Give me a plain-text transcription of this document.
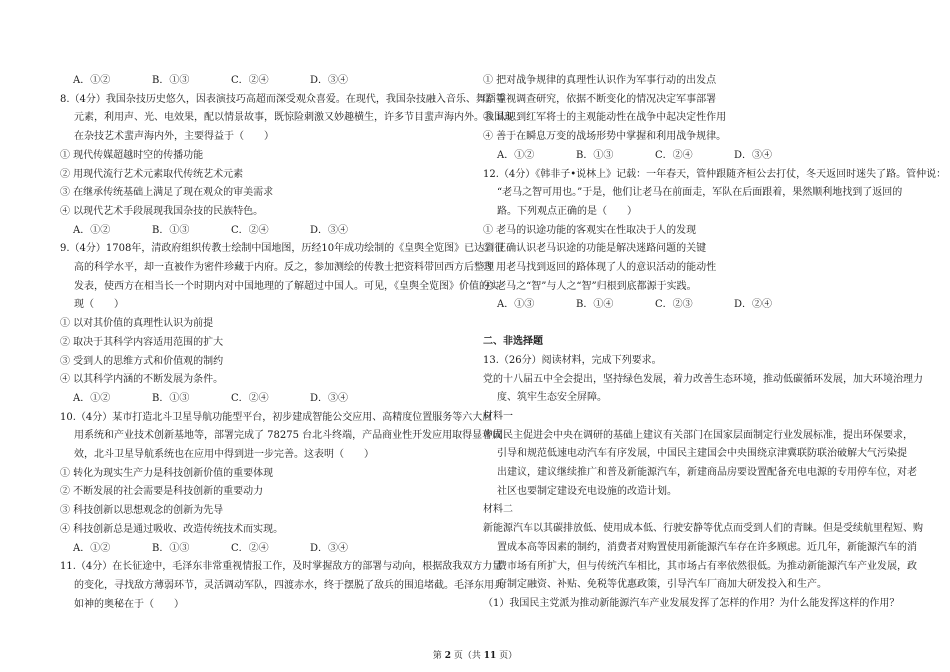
A．①②	B．①③	C．②④	D．③④
8.（4分）我国杂技历史悠久，因表演技巧高超而深受观众喜爱。在现代，我国杂技融入音乐、舞蹈等
元素，利用声、光、电效果，配以情景故事，既惊险刺激又妙趣横生，许多节目蜚声海内外。我国现
在杂技艺术蜚声海内外，主要得益于（　　）
① 现代传媒超越时空的传播功能
② 用现代流行艺术元素取代传统艺术元素
③ 在继承传统基础上满足了现在观众的审美需求
④ 以现代艺术手段展现我国杂技的民族特色。
A．①②	B．①③	C．②④	D．③④
9.（4分）1708年，清政府组织传教士绘制中国地图，历经10年成功绘制的《皇舆全览图》已达到很
高的科学水平，却一直被作为密件珍藏于内府。反之，参加测绘的传教士把资料带回西方后整理
发表，使西方在相当长一个时期内对中国地理的了解超过中国人。可见，《皇舆全览图》价值的实
现（　　）
① 以对其价值的真理性认识为前提
② 取决于其科学内容适用范围的扩大
③ 受到人的思维方式和价值观的制约
④ 以其科学内涵的不断发展为条件。
A．①②	B．①③	C．②④	D．③④
10.（4分）某市打造北斗卫星导航功能型平台，初步建成智能公交应用、高精度位置服务等六大应
用系统和产业技术创新基地等，部署完成了 78275 台北斗终端，产品商业性开发应用取得显著成
效，北斗卫星导航系统也在应用中得到进一步完善。这表明（　　）
① 转化为现实生产力是科技创新价值的重要体现
② 不断发展的社会需要是科技创新的重要动力
③ 科技创新以思想观念的创新为先导
④ 科技创新总是通过吸收、改造传统技术而实现。
A．①②	B．①③	C．②④	D．③④
11.（4分）在长征途中，毛泽东非常重视情报工作，及时掌握敌方的部署与动向，根据敌我双方力量
的变化，寻找敌方薄弱环节，灵活调动军队，四渡赤水，终于摆脱了敌兵的围追堵截。毛泽东用兵
如神的奥秘在于（　　）
① 把对战争规律的真理性认识作为军事行动的出发点
② 重视调查研究，依据不断变化的情况决定军事部署
③ 认识到红军将士的主观能动性在战争中起决定性作用
④ 善于在瞬息万变的战场形势中掌握和利用战争规律。
A．①②	B．①③	C．②④	D．③④
12.（4分）《韩非子•说林上》记载：一年春天，管仲跟随齐桓公去打仗，冬天返回时迷失了路。管仲说：
“老马之智可用也。”于是，他们让老马在前面走，军队在后面跟着，果然顺利地找到了返回的
路。下列观点正确的是（　　）
① 老马的识途功能的客观实在性取决于人的发现
② 正确认识老马识途的功能是解决迷路问题的关键
③ 用老马找到返回的路体现了人的意识活动的能动性
④ 老马之“智”与人之“智”归根到底都源于实践。
A．①③	B．①④	C．②③	D．②④
二、非选择题
13.（26分）阅读材料，完成下列要求。
党的十八届五中全会提出，坚持绿色发展，着力改善生态环境，推动低碳循环发展，加大环境治理力
度、筑牢生态安全屏障。
材料一
中国民主促进会中央在调研的基础上建议有关部门在国家层面制定行业发展标准，提出环保要求，
引导和规范低速电动汽车有序发展，中国民主建国会中央围绕京津冀联防联治破解大气污染提
出建议，建议继续推广和普及新能源汽车，新建商品房要设置配备充电电源的专用停车位，对老
社区也要制定建设充电设施的改造计划。
材料二
新能源汽车以其碳排放低、使用成本低、行驶安静等优点而受到人们的青睐。但是受续航里程短、购
置成本高等因素的制约，消费者对购置使用新能源汽车存在许多顾虑。近几年，新能源汽车的消
费市场有所扩大，但与传统汽车相比，其市场占有率依然很低。为推动新能源汽车产业发展，政
府制定融资、补贴、免税等优惠政策，引导汽车厂商加大研发投入和生产。
（1）我国民主党派为推动新能源汽车产业发展发挥了怎样的作用？为什么能发挥这样的作用？
第 2 页（共 11 页）
